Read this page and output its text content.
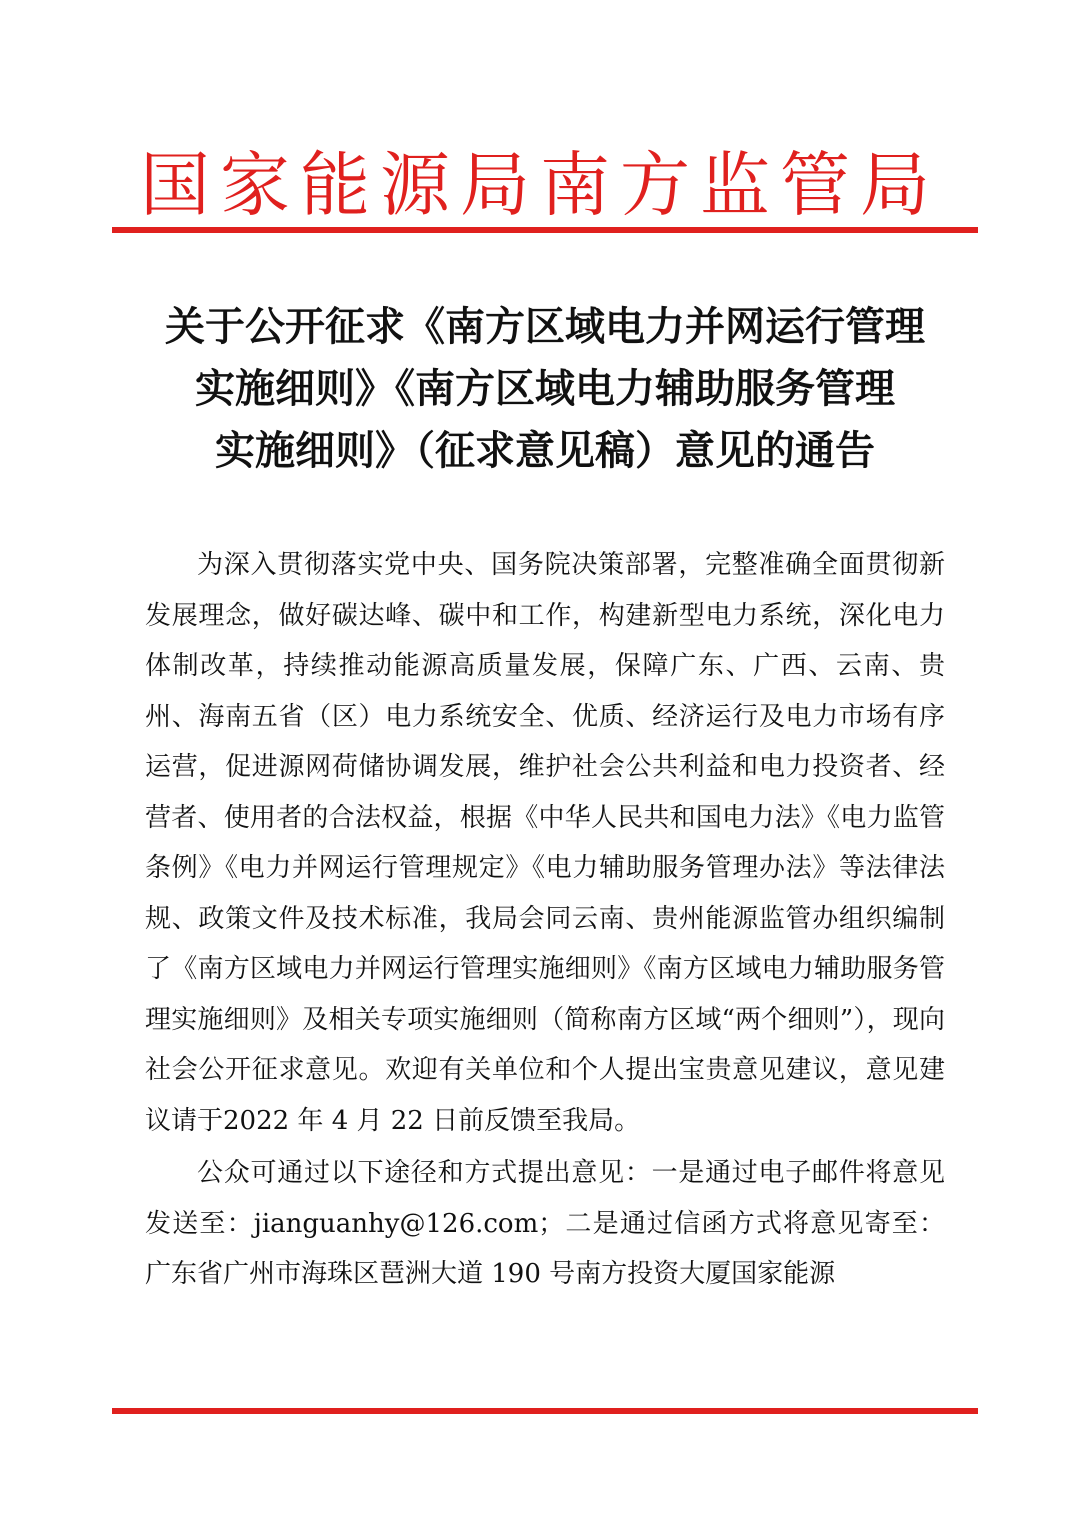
国家能源局南方监管局
关于公开征求《南方区域电力并网运行管理
实施细则》《南方区域电力辅助服务管理
实施细则》（征求意见稿）意见的通告

为深入贯彻落实党中央、国务院决策部署，完整准确全面贯彻新发展理念，做好碳达峰、碳中和工作，构建新型电力系统，深化电力体制改革，持续推动能源高质量发展，保障广东、广西、云南、贵州、海南五省（区）电力系统安全、优质、经济运行及电力市场有序运营，促进源网荷储协调发展，维护社会公共利益和电力投资者、经营者、使用者的合法权益，根据《中华人民共和国电力法》《电力监管条例》《电力并网运行管理规定》《电力辅助服务管理办法》等法律法规、政策文件及技术标准，我局会同云南、贵州能源监管办组织编制了《南方区域电力并网运行管理实施细则》《南方区域电力辅助服务管理实施细则》及相关专项实施细则（简称南方区域“两个细则”），现向社会公开征求意见。欢迎有关单位和个人提出宝贵意见建议，意见建议请于2022 年 4 月 22 日前反馈至我局。

公众可通过以下途径和方式提出意见：一是通过电子邮件将意见发送至：jianguanhy@126.com；二是通过信函方式将意见寄至：广东省广州市海珠区琶洲大道 190 号南方投资大厦国家能源
